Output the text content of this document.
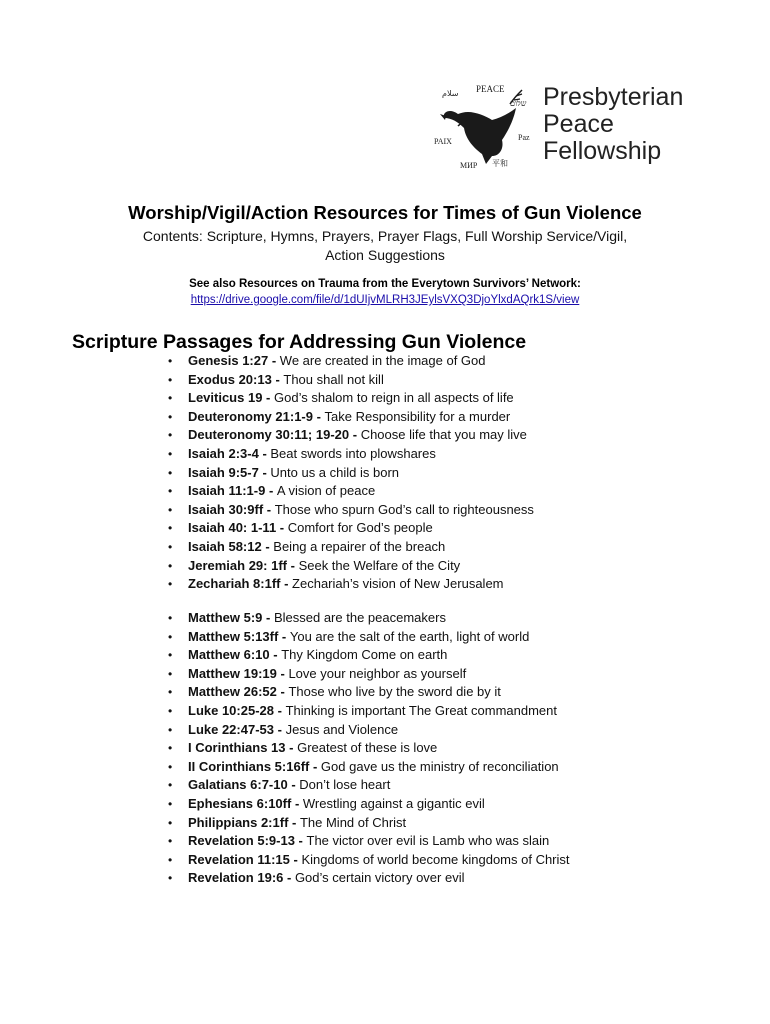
PEACE
שלום
Paz
平和
МИР
PAIX
سلام	Presbyterian
Peace
Fellowship
Worship/Vigil/Action Resources for Times of Gun Violence
Contents: Scripture, Hymns, Prayers, Prayer Flags, Full Worship Service/Vigil,
Action Suggestions
See also Resources on Trauma from the Everytown Survivors’ Network:
https://drive.google.com/file/d/1dUIjvMLRH3JEylsVXQ3DjoYlxdAQrk1S/view
Scripture Passages for Addressing Gun Violence
• Genesis 1:27 - We are created in the image of God
• Exodus 20:13 - Thou shall not kill
• Leviticus 19 - God’s shalom to reign in all aspects of life
• Deuteronomy 21:1-9 - Take Responsibility for a murder
• Deuteronomy 30:11; 19-20 - Choose life that you may live
• Isaiah 2:3-4 - Beat swords into plowshares
• Isaiah 9:5-7 - Unto us a child is born
• Isaiah 11:1-9 - A vision of peace
• Isaiah 30:9ff - Those who spurn God’s call to righteousness
• Isaiah 40: 1-11 - Comfort for God’s people
• Isaiah 58:12 - Being a repairer of the breach
• Jeremiah 29: 1ff - Seek the Welfare of the City
• Zechariah 8:1ff - Zechariah’s vision of New Jerusalem
• Matthew 5:9 - Blessed are the peacemakers
• Matthew 5:13ff - You are the salt of the earth, light of world
• Matthew 6:10 - Thy Kingdom Come on earth
• Matthew 19:19 - Love your neighbor as yourself
• Matthew 26:52 - Those who live by the sword die by it
• Luke 10:25-28 - Thinking is important The Great commandment
• Luke 22:47-53 - Jesus and Violence
• I Corinthians 13 - Greatest of these is love
• II Corinthians 5:16ff - God gave us the ministry of reconciliation
• Galatians 6:7-10 - Don’t lose heart
• Ephesians 6:10ff - Wrestling against a gigantic evil
• Philippians 2:1ff - The Mind of Christ
• Revelation 5:9-13 - The victor over evil is Lamb who was slain
• Revelation 11:15 - Kingdoms of world become kingdoms of Christ
• Revelation 19:6 - God’s certain victory over evil
